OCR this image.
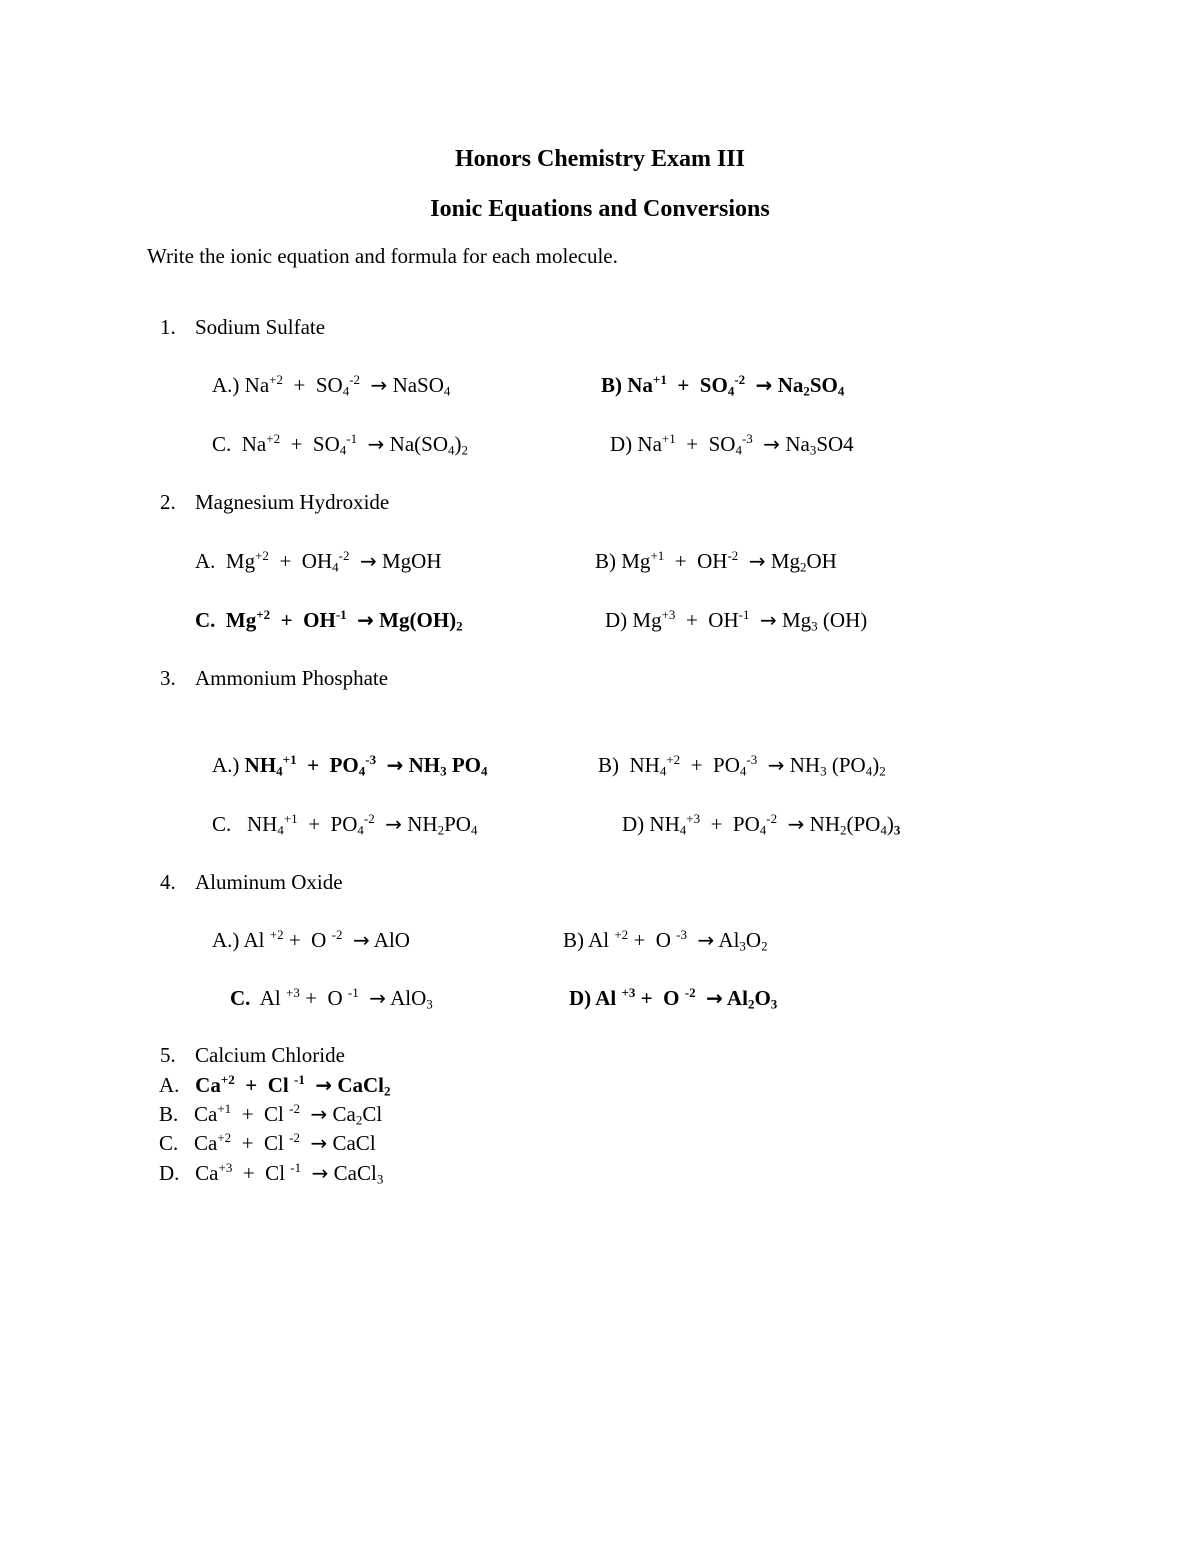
Honors Chemistry Exam III
Ionic Equations and Conversions
Write the ionic equation and formula for each molecule.
1. Sodium Sulfate
A.) $Na^{+2} + SO_4^{-2}$ → NaSO$_4$	B) $Na^{+1} + SO_4^{-2} \to Na_2SO_4$
C.  $Na^{+2} + SO_4^{-1} \to Na(SO_4)_2$	D) $Na^{+1} + SO_4^{-3} \to Na_3SO4$
2. Magnesium Hydroxide
A.  $Mg^{+2} + OH_4^{-2}$ → MgOH	B) $Mg^{+1} + OH^{-2} \to Mg_2OH$
C.  $Mg^{+2} + OH^{-1} \to Mg(OH)_2$	D) $Mg^{+3} + OH^{-1} \to Mg_3$ (OH)
3. Ammonium Phosphate
A.) $NH_4^{+1} + PO_4^{-3} \to NH_3$ $PO_4$	B)  $NH_4^{+2} + PO_4^{-3} \to NH_3$ $(PO_4)_2$
C.   $NH_4^{+1} + PO_4^{-2} \to NH_2PO_4$	D) $NH_4^{+3} + PO_4^{-2} \to NH_2(PO_4)_3$
4. Aluminum Oxide
A.) Al $^{+2}$ +  O $^{-2}$ → AlO	B) Al $^{+2}$ +  O $^{-3} \to Al_3O_2$
C.  Al $^{+3}$ +  O $^{-1}$ → AlO$_3$	D) Al $^{+3}$ +  O $^{-2} \to Al_2O_3$
5. Calcium Chloride
A.   $Ca^{+2} + Cl$ $^{-1}$ → CaCl$_2$
B.   $Ca^{+1} + Cl$ $^{-2} \to Ca_2Cl$
C.   $Ca^{+2} + Cl$ $^{-2}$ → CaCl
D.   $Ca^{+3} + Cl$ $^{-1}$ → CaCl$_3$
